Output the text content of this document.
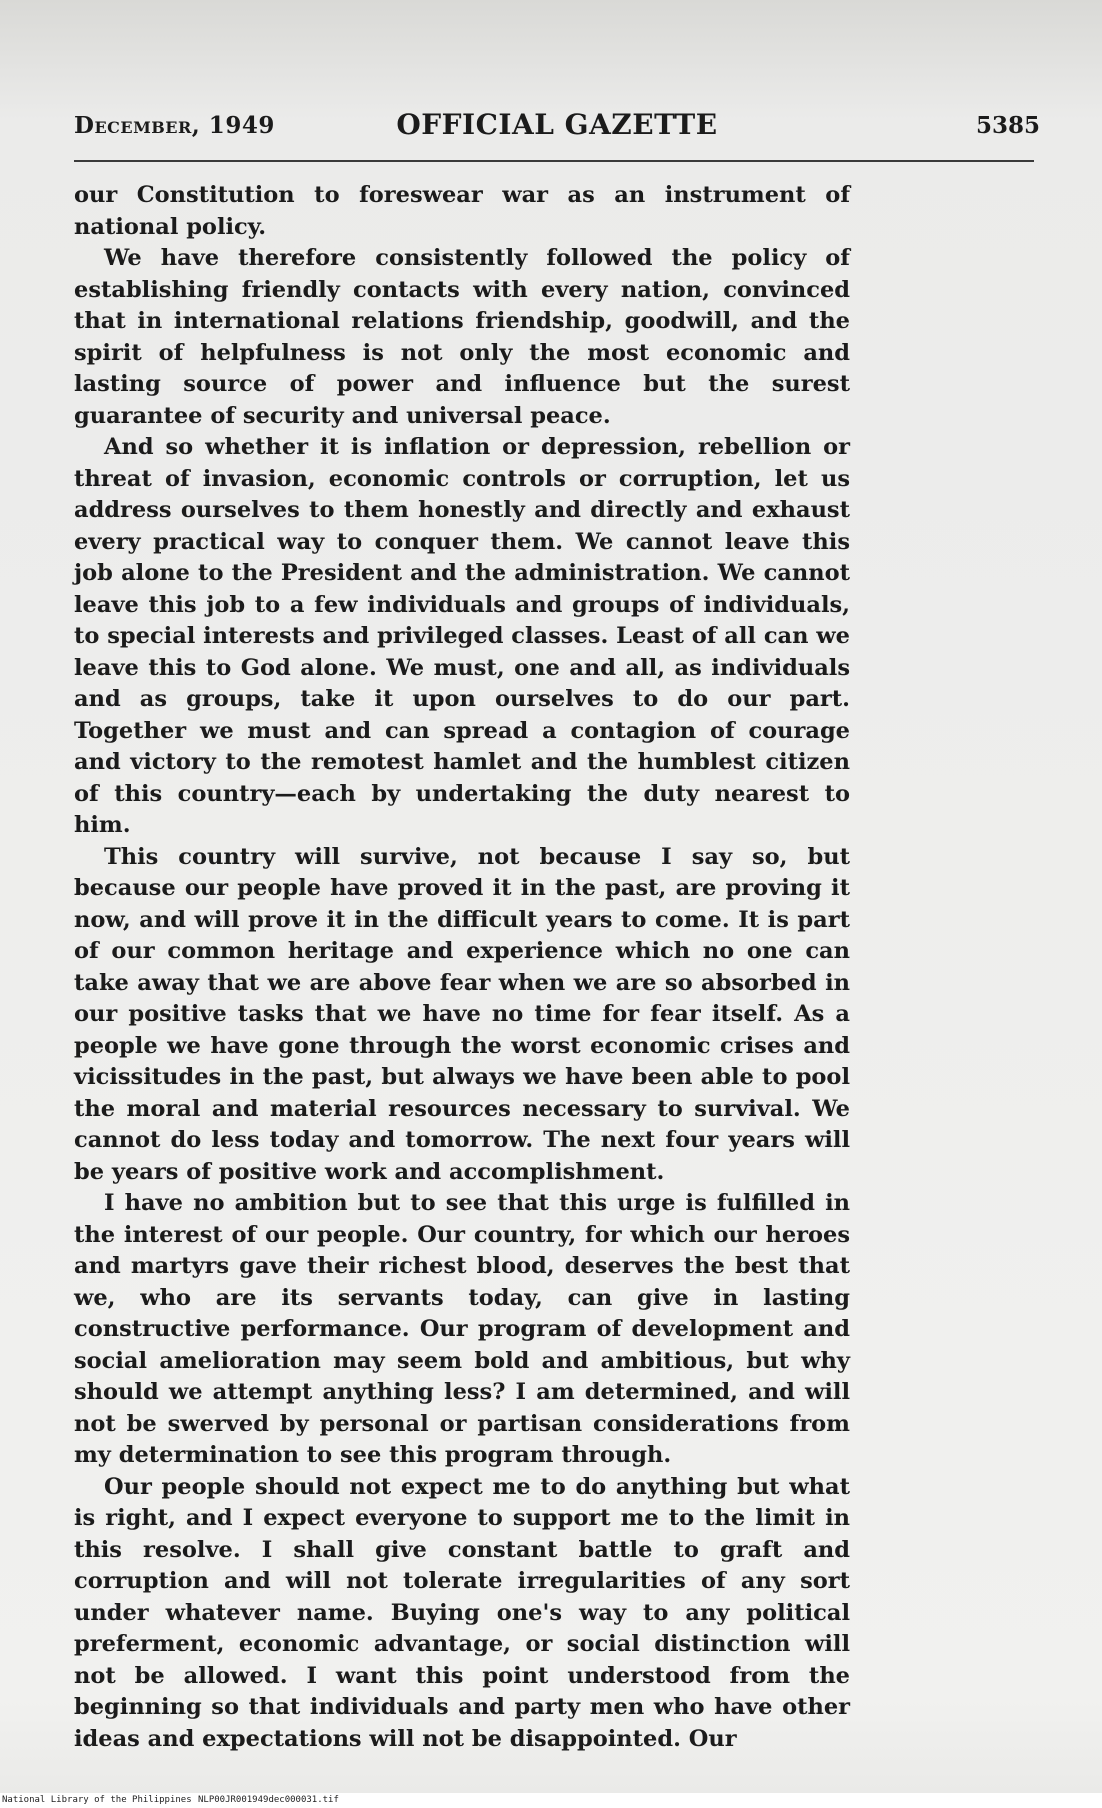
December, 1949	OFFICIAL GAZETTE	5385

our Constitution to foreswear war as an instrument of national policy.

We have therefore consistently followed the policy of establishing friendly contacts with every nation, convinced that in international relations friendship, goodwill, and the spirit of helpfulness is not only the most economic and lasting source of power and influence but the surest guarantee of security and universal peace.

And so whether it is inflation or depression, rebellion or threat of invasion, economic controls or corruption, let us address ourselves to them honestly and directly and exhaust every practical way to conquer them. We cannot leave this job alone to the President and the administration. We cannot leave this job to a few individuals and groups of individuals, to special interests and privileged classes. Least of all can we leave this to God alone. We must, one and all, as individuals and as groups, take it upon ourselves to do our part. Together we must and can spread a contagion of courage and victory to the remotest hamlet and the humblest citizen of this country—each by undertaking the duty nearest to him.

This country will survive, not because I say so, but because our people have proved it in the past, are proving it now, and will prove it in the difficult years to come. It is part of our common heritage and experience which no one can take away that we are above fear when we are so absorbed in our positive tasks that we have no time for fear itself. As a people we have gone through the worst economic crises and vicissitudes in the past, but always we have been able to pool the moral and material resources necessary to survival. We cannot do less today and tomorrow. The next four years will be years of positive work and accomplishment.

I have no ambition but to see that this urge is fulfilled in the interest of our people. Our country, for which our heroes and martyrs gave their richest blood, deserves the best that we, who are its servants today, can give in lasting constructive performance. Our program of development and social amelioration may seem bold and ambitious, but why should we attempt anything less? I am determined, and will not be swerved by personal or partisan considerations from my determination to see this program through.

Our people should not expect me to do anything but what is right, and I expect everyone to support me to the limit in this resolve. I shall give constant battle to graft and corruption and will not tolerate irregularities of any sort under whatever name. Buying one's way to any political preferment, economic advantage, or social distinction will not be allowed. I want this point understood from the beginning so that individuals and party men who have other ideas and expectations will not be disappointed. Our

National Library of the Philippines NLP00JR001949dec000031.tif
